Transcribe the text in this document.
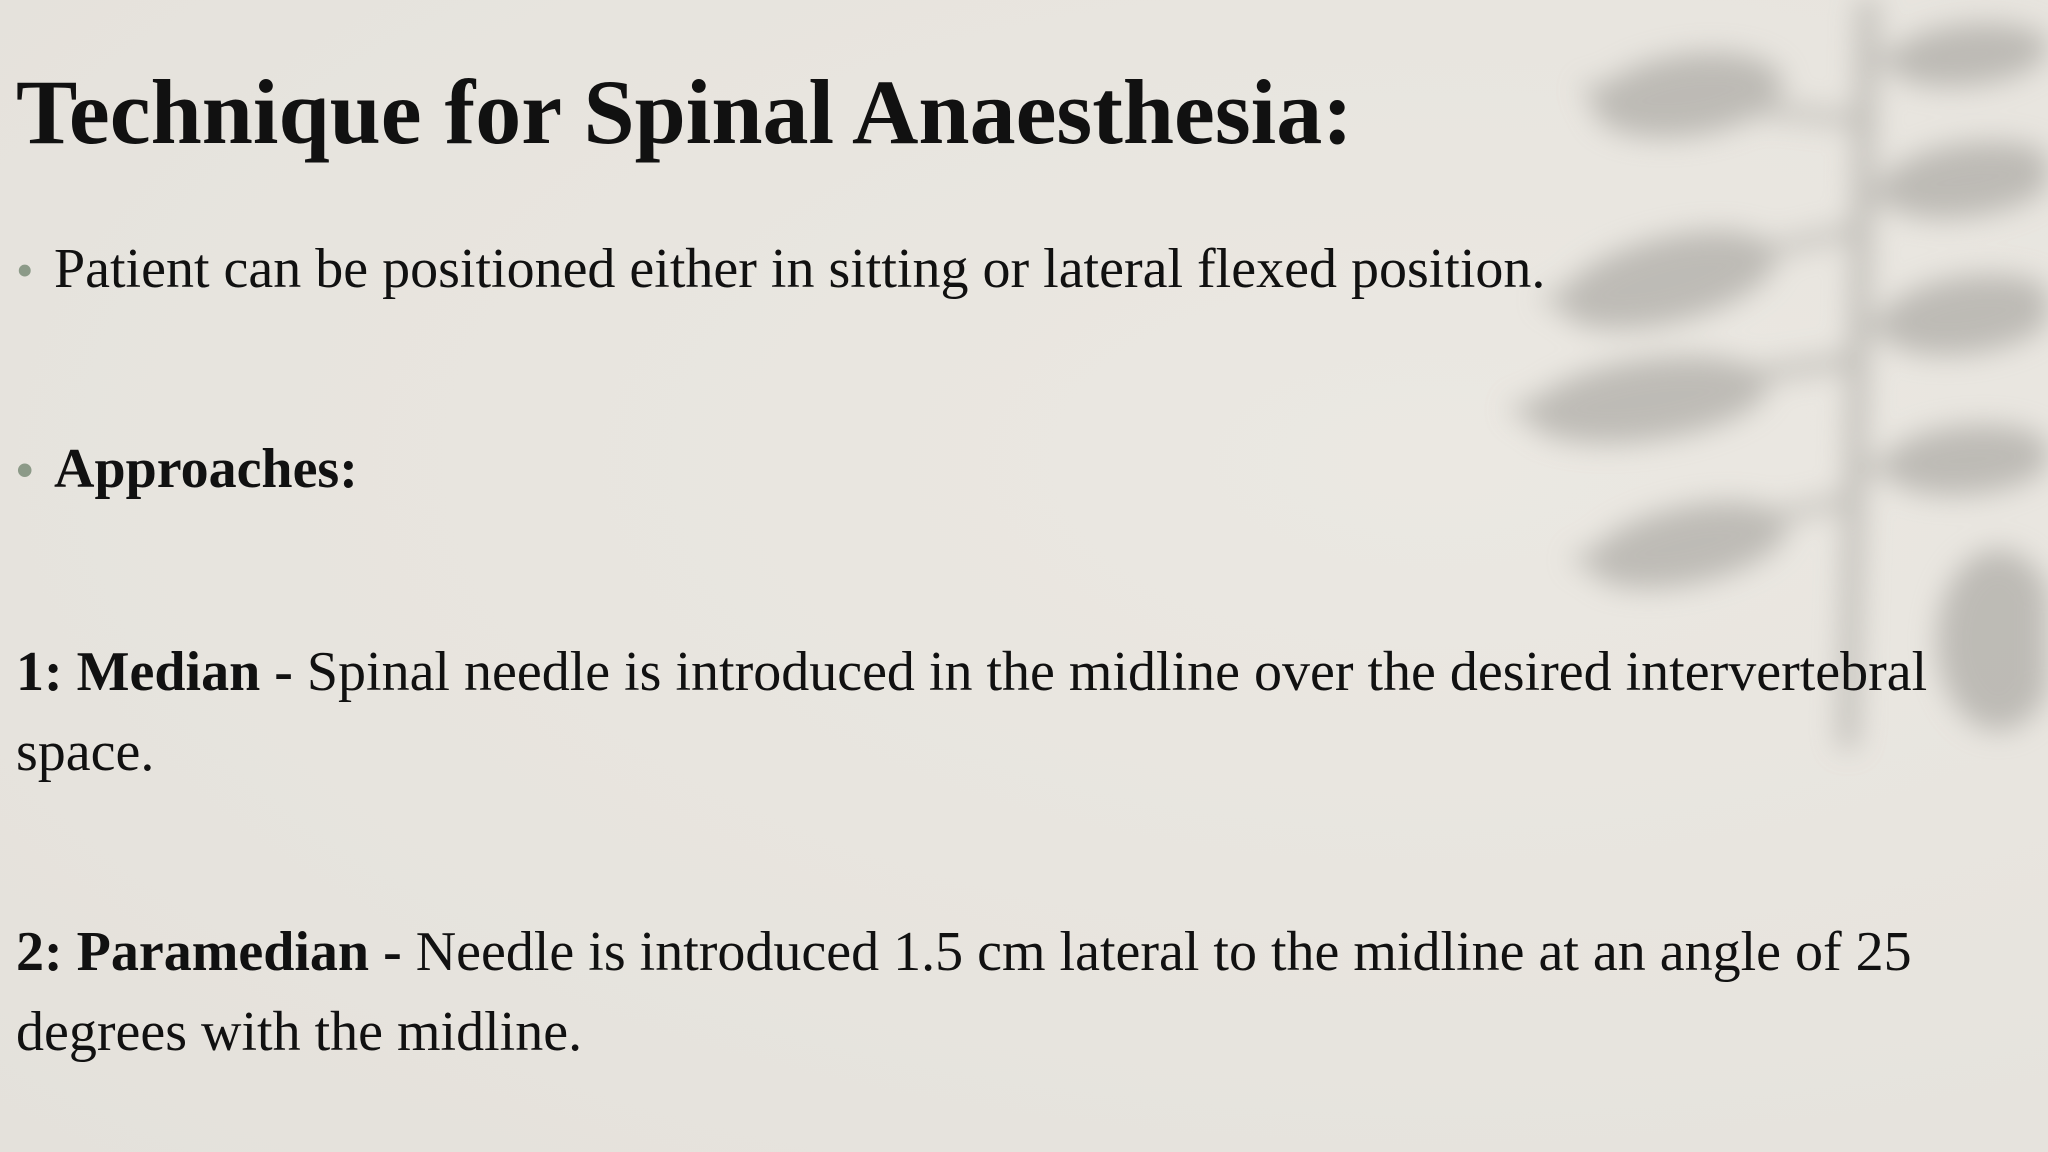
Technique for Spinal Anaesthesia:
• Patient can be positioned either in sitting or lateral flexed position.
• Approaches:

1: Median - Spinal needle is introduced in the midline over the desired intervertebral space.

2: Paramedian - Needle is introduced 1.5 cm lateral to the midline at an angle of 25 degrees with the midline.
